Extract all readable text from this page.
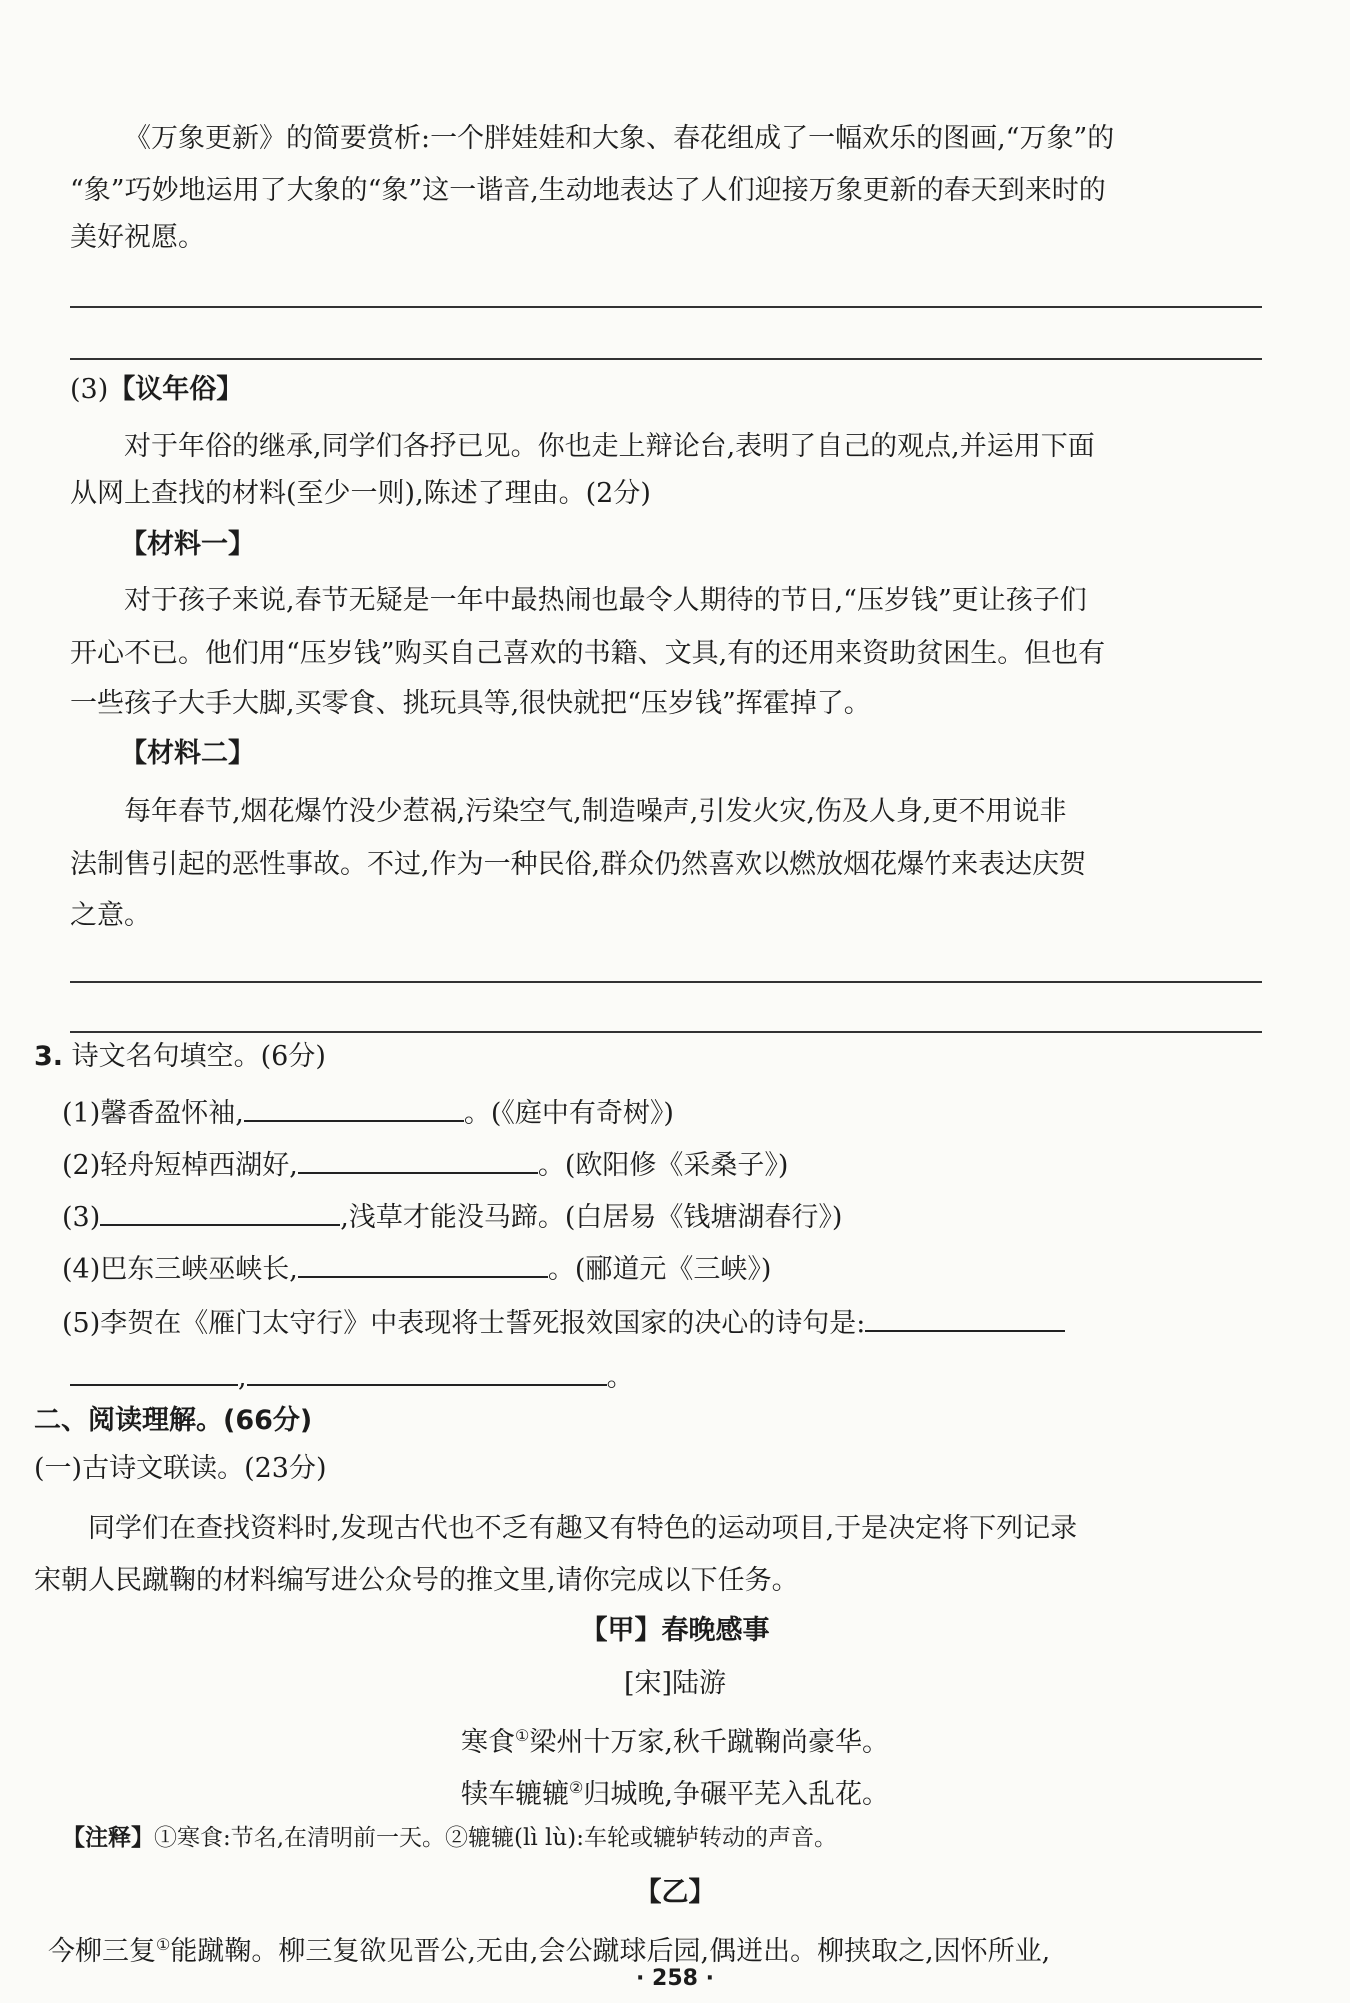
《万象更新》的简要赏析:一个胖娃娃和大象、春花组成了一幅欢乐的图画,“万象”的
“象”巧妙地运用了大象的“象”这一谐音,生动地表达了人们迎接万象更新的春天到来时的
美好祝愿。
(3)【议年俗】
对于年俗的继承,同学们各抒已见。你也走上辩论台,表明了自己的观点,并运用下面
从网上查找的材料(至少一则),陈述了理由。(2分)
【材料一】
对于孩子来说,春节无疑是一年中最热闹也最令人期待的节日,“压岁钱”更让孩子们
开心不已。他们用“压岁钱”购买自己喜欢的书籍、文具,有的还用来资助贫困生。但也有
一些孩子大手大脚,买零食、挑玩具等,很快就把“压岁钱”挥霍掉了。
【材料二】
每年春节,烟花爆竹没少惹祸,污染空气,制造噪声,引发火灾,伤及人身,更不用说非
法制售引起的恶性事故。不过,作为一种民俗,群众仍然喜欢以燃放烟花爆竹来表达庆贺
之意。
3. 诗文名句填空。(6分)
(1)馨香盈怀袖,	。(《庭中有奇树》)
(2)轻舟短棹西湖好,	。(欧阳修《采桑子》)
(3)	,浅草才能没马蹄。(白居易《钱塘湖春行》)
(4)巴东三峡巫峡长,	。(郦道元《三峡》)
(5)李贺在《雁门太守行》中表现将士誓死报效国家的决心的诗句是:
,	。
二、阅读理解。(66分)
(一)古诗文联读。(23分)
同学们在查找资料时,发现古代也不乏有趣又有特色的运动项目,于是决定将下列记录
宋朝人民蹴鞠的材料编写进公众号的推文里,请你完成以下任务。
【甲】春晚感事
[宋]陆游
寒食①梁州十万家,秋千蹴鞠尚豪华。
犊车辘辘②归城晚,争碾平芜入乱花。
【注释】①寒食:节名,在清明前一天。②辘辘(lì lù):车轮或辘轳转动的声音。
【乙】
今柳三复①能蹴鞠。柳三复欲见晋公,无由,会公蹴球后园,偶迸出。柳挟取之,因怀所业,
· 258 ·
